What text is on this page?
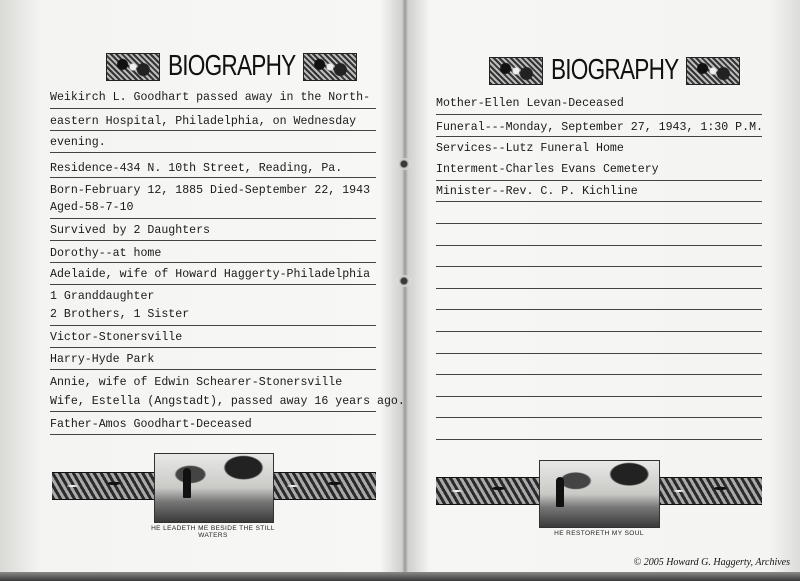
BIOGRAPHY
Weikirch L. Goodhart passed away in the North-
eastern Hospital, Philadelphia, on Wednesday
evening.
Residence-434 N. 10th Street, Reading, Pa.
Born-February 12, 1885 Died-September 22, 1943
Aged-58-7-10
Survived by 2 Daughters
Dorothy--at home
Adelaide, wife of Howard Haggerty-Philadelphia
1 Granddaughter
2 Brothers, 1 Sister
Victor-Stonersville
Harry-Hyde Park
Annie, wife of Edwin Schearer-Stonersville
Wife, Estella (Angstadt), passed away 16 years ago.
Father-Amos Goodhart-Deceased
HE LEADETH ME BESIDE THE STILL WATERS
BIOGRAPHY
Mother-Ellen Levan-Deceased
Funeral---Monday, September 27, 1943, 1:30 P.M.
Services--Lutz Funeral Home
Interment-Charles Evans Cemetery
Minister--Rev. C. P. Kichline
HE RESTORETH MY SOUL
© 2005 Howard G. Haggerty, Archives
